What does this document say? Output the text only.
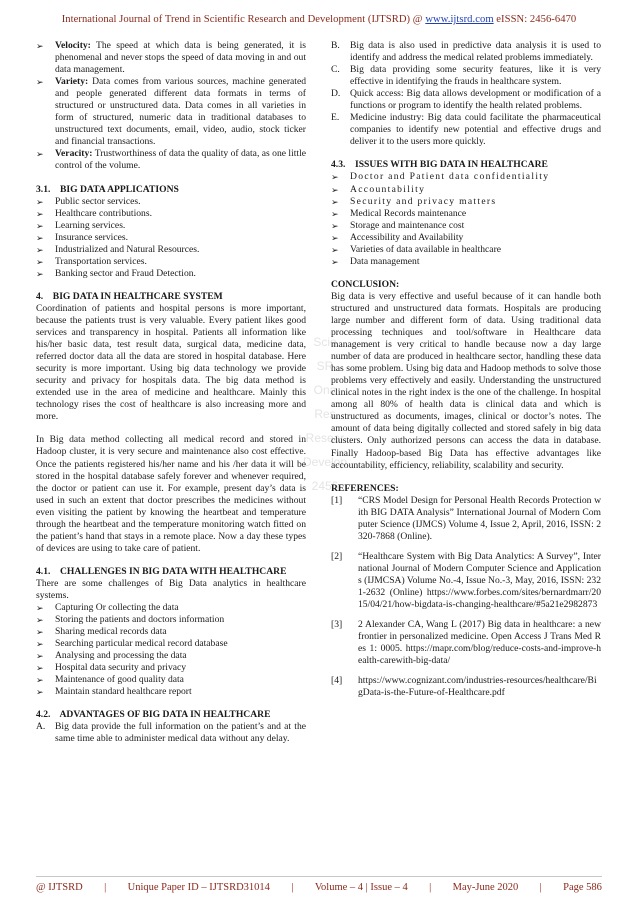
International Journal of Trend in Scientific Research and Development (IJTSRD) @ www.ijtsrd.com eISSN: 2456-6470
Scie
SR
Ona
Res
Resear
Develop
2456
➢ Velocity: The speed at which data is being generated, it is phenomenal and never stops the speed of data moving in and out data management.
➢ Variety: Data comes from various sources, machine generated and people generated different data formats in terms of structured or unstructured data. Data comes in all varieties in form of structured, numeric data in traditional databases to unstructured text documents, email, video, audio, stock ticker and financial transactions.
➢ Veracity: Trustworthiness of data the quality of data, as one little control of the volume.

3.1. BIG DATA APPLICATIONS

➢ Public sector services.
➢ Healthcare contributions.
➢ Learning services.
➢ Insurance services.
➢ Industrialized and Natural Resources.
➢ Transportation services.
➢ Banking sector and Fraud Detection.

4. BIG DATA IN HEALTHCARE SYSTEM

Coordination of patients and hospital persons is more important, because the patients trust is very valuable. Every patient likes good services and transparency in hospital. Patients all information like his/her basic data, test result data, surgical data, medicine data, referred doctor data all the data are stored in hospital database. Here security is more important. Using big data technology we provide security and privacy for hospitals data. The big data method is extended use in the area of medicine and healthcare. Mainly this technology rises the cost of healthcare is also increasing more and more.

In Big data method collecting all medical record and stored in Hadoop cluster, it is very secure and maintenance also cost effective. Once the patients registered his/her name and his /her data it will be stored in the hospital database safely forever and whenever required, the doctor or patient can use it. For example, present day’s data is used in such an extent that doctor prescribes the medicines without even visiting the patient by knowing the heartbeat and temperature through the heartbeat and the temperature monitoring watch fitted on the patient’s hand that stays in a remote place. Now a day these types of devices are using to take care of patient.

4.1. CHALLENGES IN BIG DATA WITH HEALTHCARE

There are some challenges of Big Data analytics in healthcare systems.

➢ Capturing Or collecting the data
➢ Storing the patients and doctors information
➢ Sharing medical records data
➢ Searching particular medical record database
➢ Analysing and processing the data
➢ Hospital data security and privacy
➢ Maintenance of good quality data
➢ Maintain standard healthcare report

4.2. ADVANTAGES OF BIG DATA IN HEALTHCARE

A. Big data provide the full information on the patient’s and at the same time able to administer medical data without any delay.
B. Big data is also used in predictive data analysis it is used to identify and address the medical related problems immediately.
C. Big data providing some security features, like it is very effective in identifying the frauds in healthcare system.
D. Quick access: Big data allows development or modification of a functions or program to identify the health related problems.
E. Medicine industry: Big data could facilitate the pharmaceutical companies to identify new potential and effective drugs and deliver it to the users more quickly.

4.3. ISSUES WITH BIG DATA IN HEALTHCARE

➢ Doctor and Patient data confidentiality
➢ Accountability
➢ Security and privacy matters
➢ Medical Records maintenance
➢ Storage and maintenance cost
➢ Accessibility and Availability
➢ Varieties of data available in healthcare
➢ Data management

CONCLUSION:

Big data is very effective and useful because of it can handle both structured and unstructured data formats. Hospitals are producing large number and different form of data. Using traditional data processing techniques and tool/software in Healthcare data management is very critical to handle because now a day large number of data are produced in healthcare sector, handling these data has some problem. Using big data and Hadoop methods to solve those problems very effectively and easily. Understanding the unstructured clinical notes in the right index is the one of the challenge. In hospital among all 80% of health data is clinical data and which is unstructured as documents, images, clinical or doctor’s notes. The amount of data being digitally collected and stored safely in big data clusters. Only authorized persons can access the data in database. Finally Hadoop-based Big Data has effective advantages like accountability, efficiency, reliability, scalability and security.

REFERENCES:

[1] “CRS Model Design for Personal Health Records Protection with BIG DATA Analysis” International Journal of Modern Computer Science (IJMCS) Volume 4, Issue 2, April, 2016, ISSN: 2320-7868 (Online).
[2] “Healthcare System with Big Data Analytics: A Survey”, International Journal of Modern Computer Science and Applications (IJMCSA) Volume No.-4, Issue No.-3, May, 2016, ISSN: 2321-2632 (Online) https://www.forbes.com/sites/bernardmarr/2015/04/21/how-bigdata-is-changing-healthcare/#5a21e2982873
[3] 2 Alexander CA, Wang L (2017) Big data in healthcare: a new frontier in personalized medicine. Open Access J Trans Med Res 1: 0005. https://mapr.com/blog/reduce-costs-and-improve-health-carewith-big-data/
[4] https://www.cognizant.com/industries-resources/healthcare/BigData-is-the-Future-of-Healthcare.pdf
@ IJTSRD | Unique Paper ID – IJTSRD31014 | Volume – 4 | Issue – 4 | May-June 2020 | Page 586
